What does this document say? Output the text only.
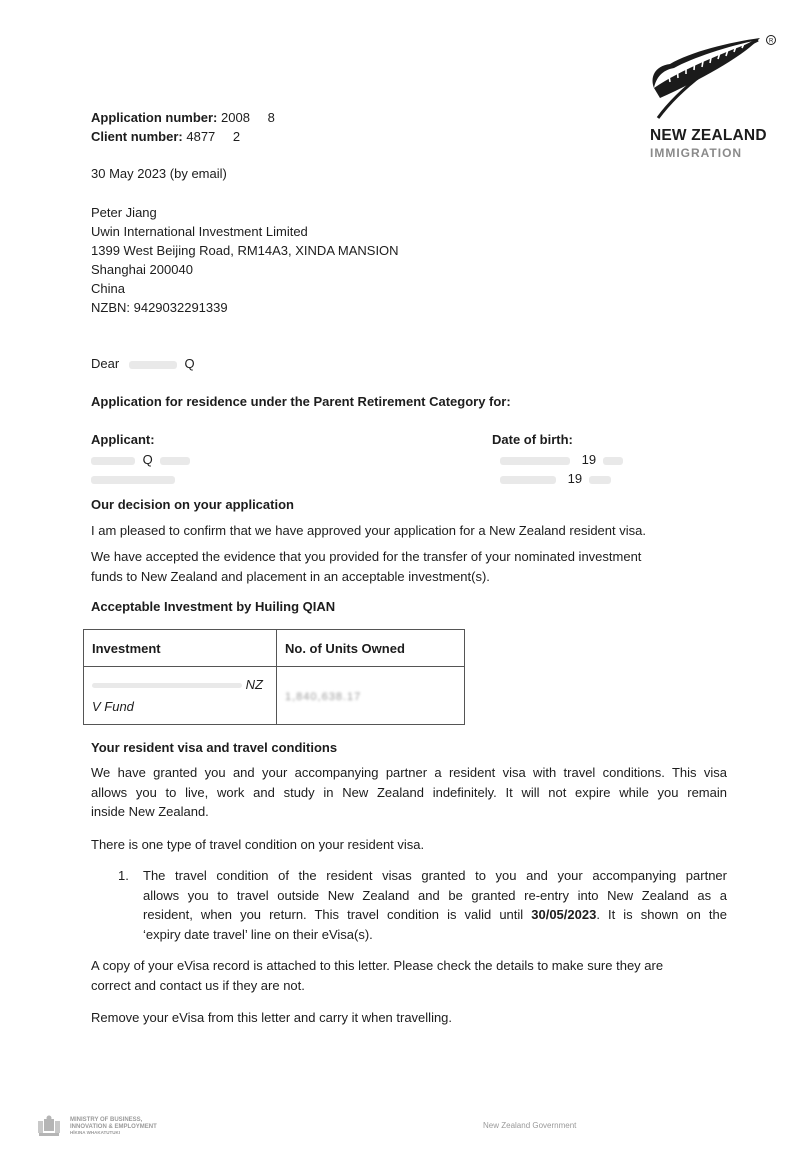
R
NEW ZEALAND
IMMIGRATION
Application number: 2008 8
Client number: 4877 2
30 May 2023 (by email)
Peter Jiang
Uwin International Investment Limited
1399 West Beijing Road, RM14A3, XINDA MANSION
Shanghai 200040
China
NZBN: 9429032291339
Dear	Q
Application for residence under the Parent Retirement Category for:
Applicant:	Date of birth:
Q	19
19
Our decision on your application
I am pleased to confirm that we have approved your application for a New Zealand resident visa.
We have accepted the evidence that you provided for the transfer of your nominated investment
funds to New Zealand and placement in an acceptable investment(s).
Acceptable Investment by Huiling QIAN
Investment	No. of Units Owned

NZ
V Fund	1,840,638.17
Your resident visa and travel conditions
We have granted you and your accompanying partner a resident visa with travel conditions. This visa
allows you to live, work and study in New Zealand indefinitely. It will not expire while you remain
inside New Zealand.
There is one type of travel condition on your resident visa.
1. The travel condition of the resident visas granted to you and your accompanying partner
allows you to travel outside New Zealand and be granted re-entry into New Zealand as a
resident, when you return. This travel condition is valid until 30/05/2023. It is shown on the
‘expiry date travel’ line on their eVisa(s).
A copy of your eVisa record is attached to this letter. Please check the details to make sure they are
correct and contact us if they are not.
Remove your eVisa from this letter and carry it when travelling.
MINISTRY OF BUSINESS,
INNOVATION & EMPLOYMENT
HĪKINA WHAKATUTUKI
New Zealand Government
